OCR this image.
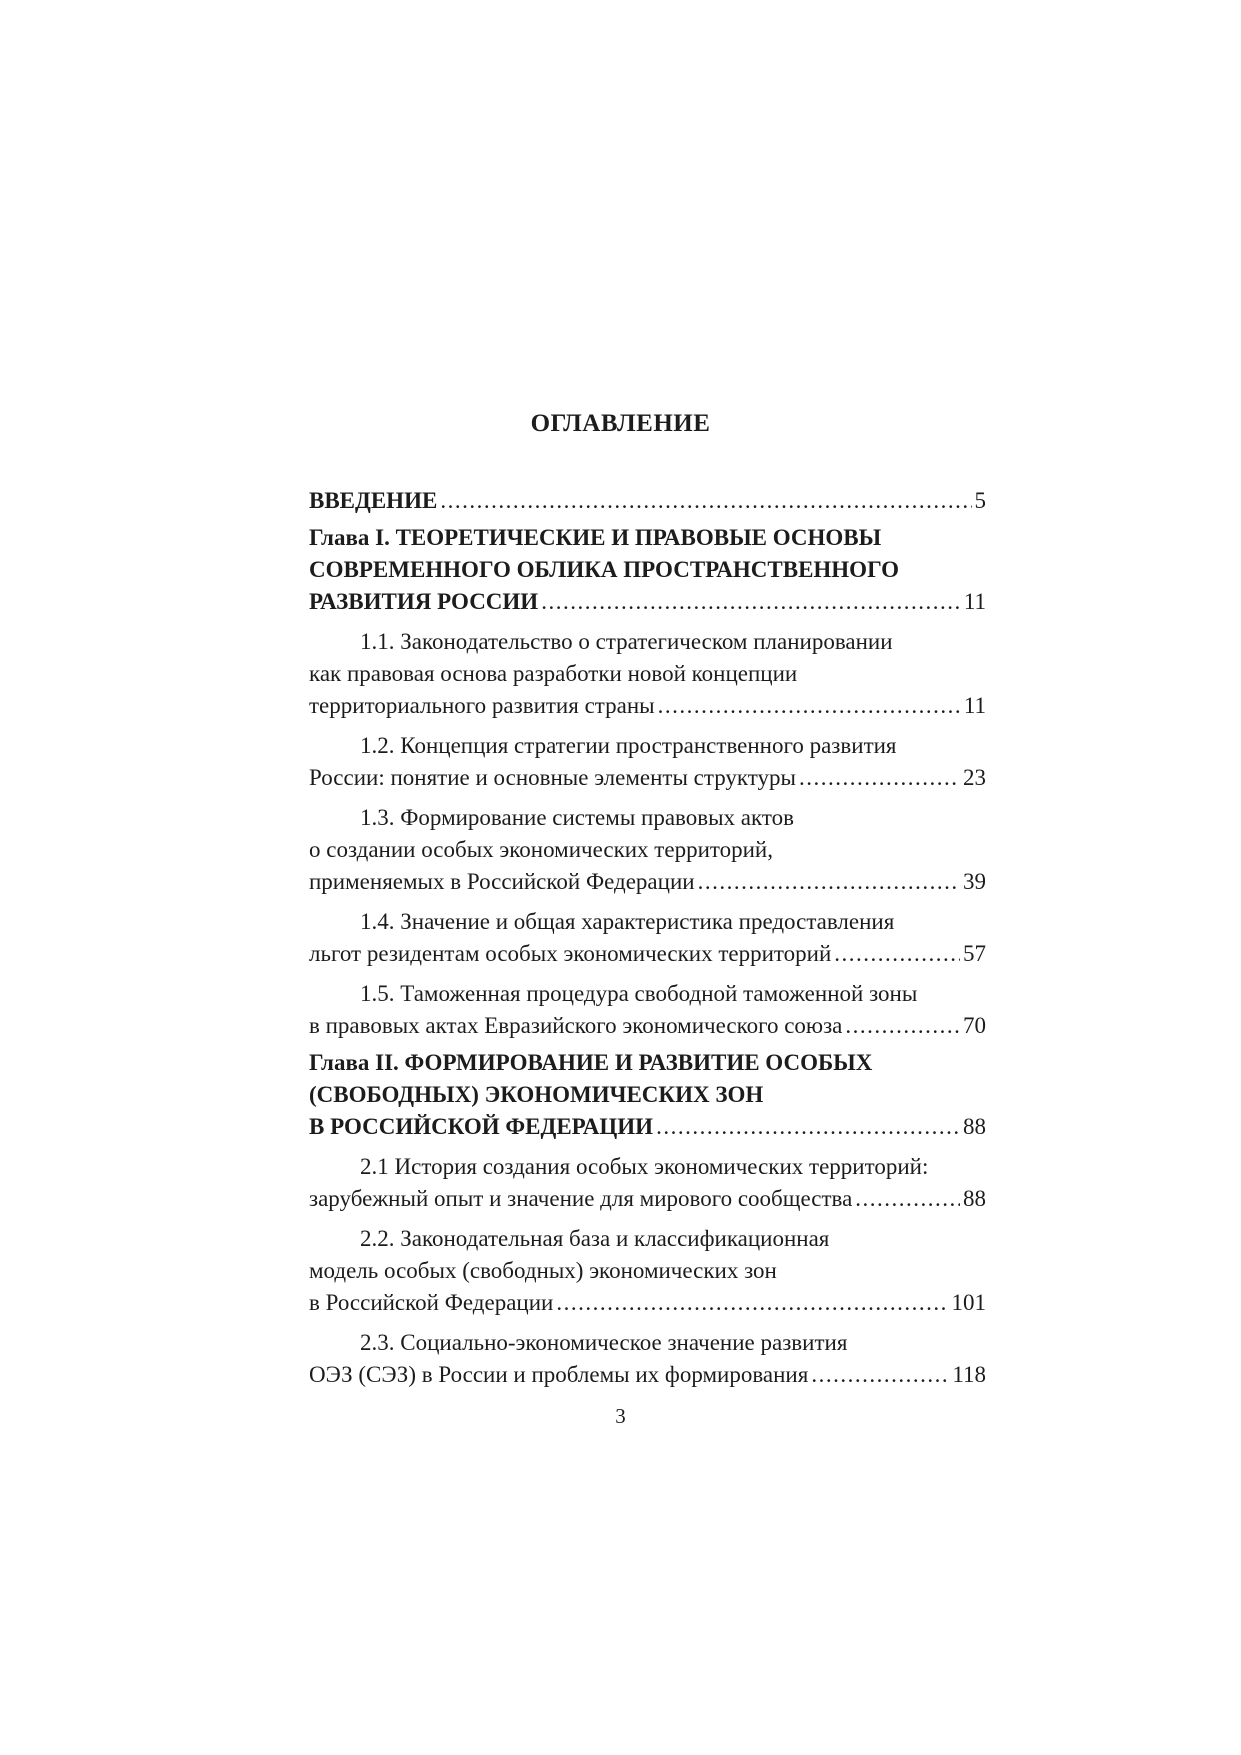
ОГЛАВЛЕНИЕ
ВВЕДЕНИЕ .....	5
Глава I. ТЕОРЕТИЧЕСКИЕ И ПРАВОВЫЕ ОСНОВЫ
СОВРЕМЕННОГО ОБЛИКА ПРОСТРАНСТВЕННОГО
РАЗВИТИЯ РОССИИ .....	11
1.1. Законодательство о стратегическом планировании
как правовая основа разработки новой концепции
территориального развития страны .....	11
1.2. Концепция стратегии пространственного развития
России: понятие и основные элементы структуры .....	23
1.3. Формирование системы правовых актов
о создании особых экономических территорий,
применяемых в Российской Федерации .....	39
1.4. Значение и общая характеристика предоставления
льгот резидентам особых экономических территорий .....	57
1.5. Таможенная процедура свободной таможенной зоны
в правовых актах Евразийского экономического союза .....	70
Глава II. ФОРМИРОВАНИЕ И РАЗВИТИЕ ОСОБЫХ
(СВОБОДНЫХ) ЭКОНОМИЧЕСКИХ ЗОН
В РОССИЙСКОЙ ФЕДЕРАЦИИ .....	88
2.1 История создания особых экономических территорий:
зарубежный опыт и значение для мирового сообщества .....	88
2.2. Законодательная база и классификационная
модель особых (свободных) экономических зон
в Российской Федерации .....	101
2.3. Социально-экономическое значение развития
ОЭЗ (СЭЗ) в России и проблемы их формирования .....	118
3
